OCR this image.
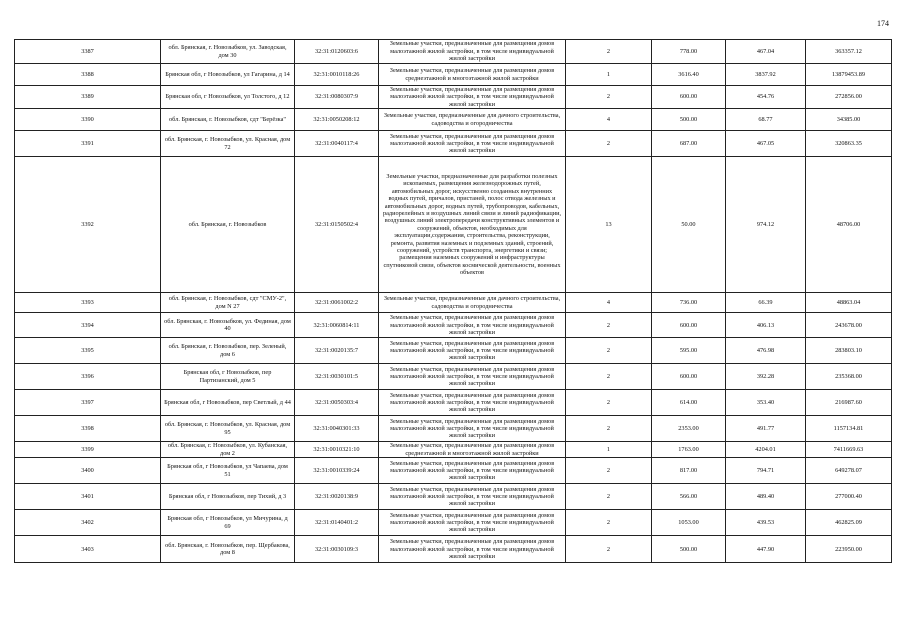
174
3387	обл. Брянская, г. Новозыбков, ул. Заводская, дом 30	32:31:0120603:6	Земельные участки, предназначенные для размещения домов малоэтажной жилой застройки, в том числе индивидуальной жилой застройки	2	778.00	467.04	363357.12
3388	Брянская обл, г Новозыбков, ул Гагарина, д 14	32:31:0010118:26	Земельные участки, предназначенные для размещения домов среднеэтажной и многоэтажной жилой застройки	1	3616.40	3837.92	13879453.89
3389	Брянская обл, г Новозыбков, ул Толстого, д 12	32:31:0080307:9	Земельные участки, предназначенные для размещения домов малоэтажной жилой застройки, в том числе индивидуальной жилой застройки	2	600.00	454.76	272856.00
3390	обл. Брянская, г. Новозыбков, сдт "Берёзка"	32:31:0050208:12	Земельные участки, предназначенные для дачного строительства, садоводства и огородничества	4	500.00	68.77	34385.00
3391	обл. Брянская, г. Новозыбков, ул. Красная, дом 72	32:31:0040117:4	Земельные участки, предназначенные для размещения домов малоэтажной жилой застройки, в том числе индивидуальной жилой застройки	2	687.00	467.05	320863.35
3392	обл. Брянская, г. Новозыбков	32:31:0150502:4	Земельные участки, предназначенные для разработки полезных ископаемых, размещения железнодорожных путей, автомобильных дорог, искусственно созданных внутренних водных путей, причалов, пристаней, полос отвода железных и автомобильных дорог, водных путей, трубопроводов, кабельных, радиорелейных и воздушных линий связи и линий радиофикации, воздушных линий электропередачи конструктивных элементов и сооружений, объектов, необходимых для эксплуатации,содержания, строительства, реконструкции, ремонта, развития наземных и подземных зданий, строений, сооружений, устройств транспорта, энергетики и связи; размещения наземных сооружений и инфраструктуры спутниковой связи, объектов космической деятельности, военных объектов	13	50.00	974.12	48706.00
3393	обл. Брянская, г. Новозыбков, сдт "СМУ-2", дом N 27	32:31:0061002:2	Земельные участки, предназначенные для дачного строительства, садоводства и огородничества	4	736.00	66.39	48863.04
3394	обл. Брянская, г. Новозыбков, ул. Фединая, дом 40	32:31:0060814:11	Земельные участки, предназначенные для размещения домов малоэтажной жилой застройки, в том числе индивидуальной жилой застройки	2	600.00	406.13	243678.00
3395	обл. Брянская, г. Новозыбков, пер. Зеленый, дом 6	32:31:0020135:7	Земельные участки, предназначенные для размещения домов малоэтажной жилой застройки, в том числе индивидуальной жилой застройки	2	595.00	476.98	283803.10
3396	Брянская обл, г Новозыбков, пер Партизанский, дом 5	32:31:0030101:5	Земельные участки, предназначенные для размещения домов малоэтажной жилой застройки, в том числе индивидуальной жилой застройки	2	600.00	392.28	235368.00
3397	Брянская обл, г Новозыбков, пер Светлый, д 44	32:31:0050303:4	Земельные участки, предназначенные для размещения домов малоэтажной жилой застройки, в том числе индивидуальной жилой застройки	2	614.00	353.40	216987.60
3398	обл. Брянская, г. Новозыбков, ул. Красная, дом 95	32:31:0040301:33	Земельные участки, предназначенные для размещения домов малоэтажной жилой застройки, в том числе индивидуальной жилой застройки	2	2353.00	491.77	1157134.81
3399	обл. Брянская, г. Новозыбков, ул. Кубанская, дом 2	32:31:0010321:10	Земельные участки, предназначенные для размещения домов среднеэтажной и многоэтажной жилой застройки	1	1763.00	4204.01	7411669.63
3400	Брянская обл, г Новозыбков, ул Чапаева, дом 51	32:31:0010339:24	Земельные участки, предназначенные для размещения домов малоэтажной жилой застройки, в том числе индивидуальной жилой застройки	2	817.00	794.71	649278.07
3401	Брянская обл, г Новозыбков, пер Тихий, д 3	32:31:0020138:9	Земельные участки, предназначенные для размещения домов малоэтажной жилой застройки, в том числе индивидуальной жилой застройки	2	566.00	489.40	277000.40
3402	Брянская обл, г Новозыбков, ул Мичурина, д 69	32:31:0140401:2	Земельные участки, предназначенные для размещения домов малоэтажной жилой застройки, в том числе индивидуальной жилой застройки	2	1053.00	439.53	462825.09
3403	обл. Брянская, г. Новозыбков, пер. Щербакова, дом 8	32:31:0030109:3	Земельные участки, предназначенные для размещения домов малоэтажной жилой застройки, в том числе индивидуальной жилой застройки	2	500.00	447.90	223950.00
